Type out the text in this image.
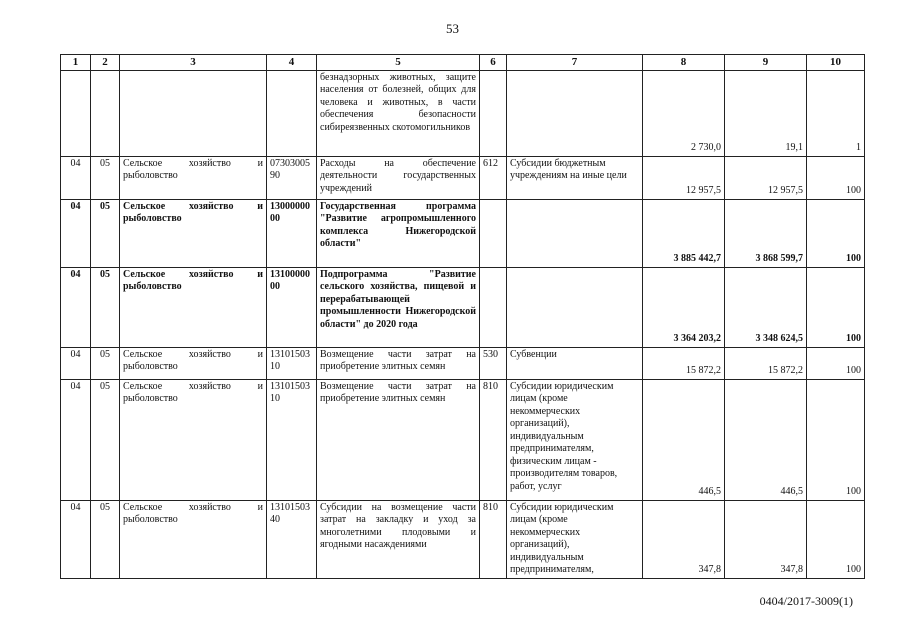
53
1	2	3	4	5	6	7	8	9	10
				безнадзорных животных, защите населения от болезней, общих для человека и животных, в части обеспечения безопасности сибиреязвенных скотомогильников			2 730,0	19,1	1
04	05	Сельское хозяйство и рыболовство	0730300590	Расходы на обеспечение деятельности государственных учреждений	612	Субсидии бюджетным учреждениям на иные цели	12 957,5	12 957,5	100
04	05	Сельское хозяйство и рыболовство	1300000000	Государственная программа "Развитие агропромышленного комплекса Нижегородской области"			3 885 442,7	3 868 599,7	100
04	05	Сельское хозяйство и рыболовство	1310000000	Подпрограмма "Развитие сельского хозяйства, пищевой и перерабатывающей промышленности Нижегородской области" до 2020 года			3 364 203,2	3 348 624,5	100
04	05	Сельское хозяйство и рыболовство	1310150310	Возмещение части затрат на приобретение элитных семян	530	Субвенции	15 872,2	15 872,2	100
04	05	Сельское хозяйство и рыболовство	1310150310	Возмещение части затрат на приобретение элитных семян	810	Субсидии юридическим лицам (кроме некоммерческих организаций), индивидуальным предпринимателям, физическим лицам - производителям товаров, работ, услуг	446,5	446,5	100
04	05	Сельское хозяйство и рыболовство	1310150340	Субсидии на возмещение части затрат на закладку и уход за многолетними плодовыми и ягодными насаждениями	810	Субсидии юридическим лицам (кроме некоммерческих организаций), индивидуальным предпринимателям,	347,8	347,8	100
0404/2017-3009(1)
